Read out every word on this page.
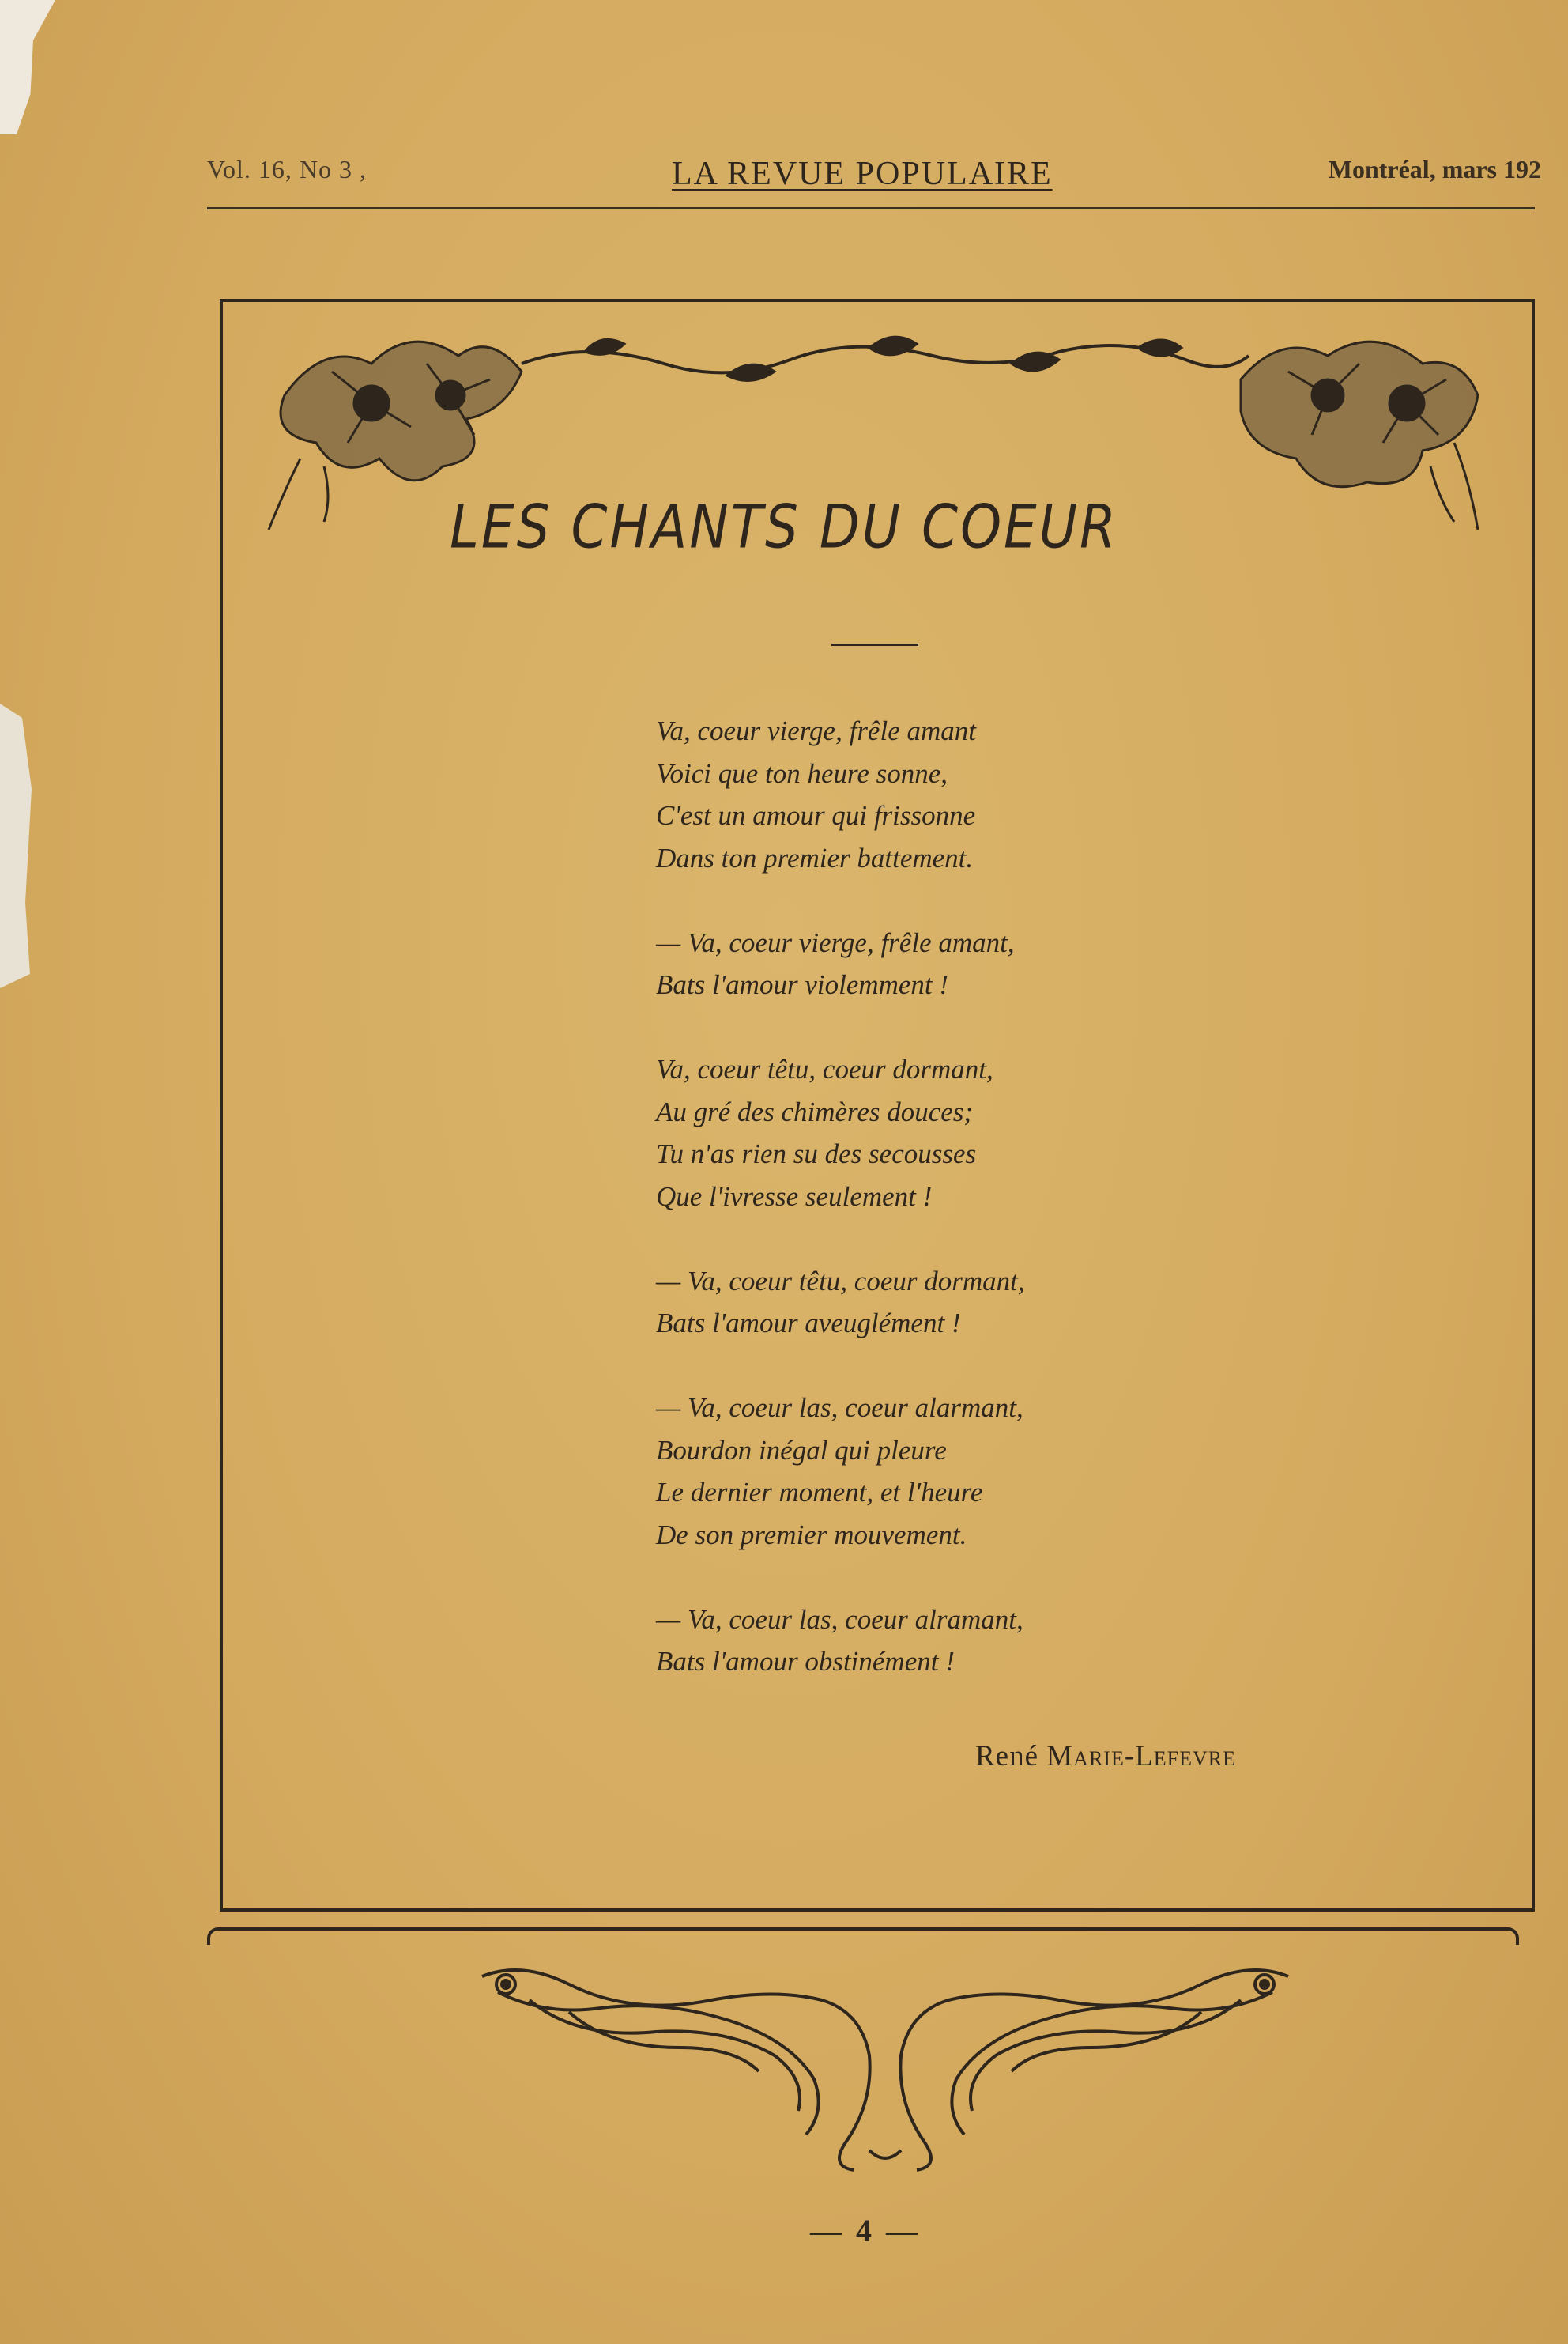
Vol. 16, No 3 ,	LA REVUE POPULAIRE	Montréal, mars 192
LES CHANTS DU COEUR
Va, coeur vierge, frêle amant
Voici que ton heure sonne,
C'est un amour qui frissonne
Dans ton premier battement.
— Va, coeur vierge, frêle amant,
Bats l'amour violemment !
Va, coeur têtu, coeur dormant,
Au gré des chimères douces;
Tu n'as rien su des secousses
Que l'ivresse seulement !
— Va, coeur têtu, coeur dormant,
Bats l'amour aveuglément !
— Va, coeur las, coeur alarmant,
Bourdon inégal qui pleure
Le dernier moment, et l'heure
De son premier mouvement.
— Va, coeur las, coeur alramant,
Bats l'amour obstinément !
René Marie-Lefevre
— 4 —
